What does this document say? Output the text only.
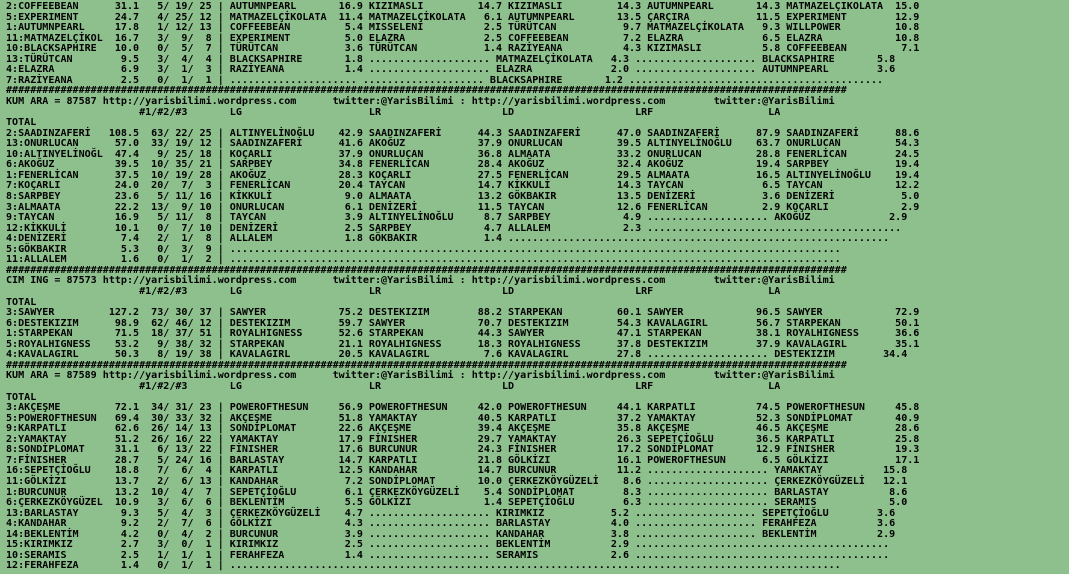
2:COFFEEBEAN      31.1   5/ 19/ 25 | AUTUMNPEARL       16.9 KIZIMASLI         14.7 KIZIMASLI         14.3 AUTUMNPEARL       14.3 MATMAZELÇİKOLATA  15.0
5:EXPERIMENT      24.7   4/ 25/ 12 | MATMAZELÇİKOLATA  11.4 MATMAZELÇİKOLATA   6.1 AUTUMNPEARL       13.5 ÇARÇIRA           11.5 EXPERIMENT        12.9
1:AUTUMNPEARL     17.8   1/ 12/ 13 | COFFEEBEAN         5.4 MISSELENİ          2.5 TÜRÜTCAN           9.7 MATMAZELÇİKOLATA   9.3 WILLPOWER         10.8
11:MATMAZELÇİKOL  16.7   3/  9/  8 | EXPERIMENT         5.0 ELAZRA             2.5 COFFEEBEAN         7.2 ELAZRA             6.5 ELAZRA            10.8
10:BLACKSAPHIRE   10.0   0/  5/  7 | TÜRÜTCAN           3.6 TÜRÜTCAN           1.4 RAZİYEANA          4.3 KIZIMASLI          5.8 COFFEEBEAN         7.1
13:TÜRÜTCAN        9.5   3/  4/  4 | BLACKSAPHIRE       1.8 .................... MATMAZELÇİKOLATA   4.3 .................... BLACKSAPHIRE       5.8
4:ELAZRA           6.9   3/  1/  3 | RAZİYEANA          1.4 .................... ELAZRA             2.0 .................... AUTUMNPEARL        3.6
7:RAZİYEANA        2.5   0/  1/  1 | ..................... .................... BLACKSAPHIRE       1.2 ..........................................
###########################################################################################################################################
KUM ARA = 87587 http://yarisbilimi.wordpress.com      twitter:@YarisBilimi : http://yarisbilimi.wordpress.com        twitter:@YarisBilimi
#1/#2/#3       LG                     LR                    LD                    LRF                   LA
TOTAL
2:SAADINZAFERİ   108.5  63/ 22/ 25 | ALTINYELİNOĞLU    42.9 SAADINZAFERİ      44.3 SAADINZAFERİ      47.0 SAADINZAFERİ      87.9 SAADINZAFERİ      88.6
13:ONURLUCAN      57.0  33/ 19/ 12 | SAADINZAFERİ      41.6 AKOĞUZ            37.9 ONURLUCAN         39.5 ALTINYELİNOĞLU    63.7 ONURLUCAN         54.3
10:ALTINYELİNOĞL  47.4   9/ 25/ 18 | KOÇARLI           37.9 ONURLUCAN         36.8 ALMAATA           33.2 ONURLUCAN         28.8 FENERLİCAN        24.5
6:AKOĞUZ          39.5  10/ 35/ 21 | SARPBEY           34.8 FENERLİCAN        28.4 AKOĞUZ            32.4 AKOĞUZ            19.4 SARPBEY           19.4
1:FENERLİCAN      37.5  10/ 19/ 28 | AKOĞUZ            28.3 KOÇARLI           27.5 FENERLİCAN        29.5 ALMAATA           16.5 ALTINYELİNOĞLU    19.4
7:KOÇARLI         24.0  20/  7/  3 | FENERLİCAN        20.4 TAYCAN            14.7 KİKKULİ           14.3 TAYCAN             6.5 TAYCAN            12.2
8:SARPBEY         23.6   5/ 11/ 16 | KİKKULİ            9.0 ALMAATA           13.2 GÖKBAKIR          13.5 DENİZERİ           3.6 DENİZERİ           5.0
3:ALMAATA         22.2  13/  9/ 10 | ONURLUCAN          6.1 DENİZERİ          11.5 TAYCAN            12.6 FENERLİCAN         2.9 KOÇARLI            2.9
9:TAYCAN          16.9   5/ 11/  8 | TAYCAN             3.9 ALTINYELİNOĞLU     8.7 SARPBEY            4.9 .................... AKOĞUZ             2.9
12:KİKKULİ        10.1   0/  7/ 10 | DENİZERİ           2.5 SARPBEY            4.7 ALLALEM            2.3 ..........................................
4:DENİZERİ         7.4   2/  1/  8 | ALLALEM            1.8 GÖKBAKIR           1.4 ...............................................................
5:GÖKBAKIR         5.3   0/  3/  9 | .....................................................................................................
11:ALLALEM         1.6   0/  1/  2 | .....................................................................................................
###########################################################################################################################################
CIM ING = 87573 http://yarisbilimi.wordpress.com      twitter:@YarisBilimi : http://yarisbilimi.wordpress.com        twitter:@YarisBilimi
#1/#2/#3       LG                     LR                    LD                    LRF                   LA
TOTAL
3:SAWYER         127.2  73/ 30/ 37 | SAWYER            75.2 DESTEKIZIM        88.2 STARPEKAN         60.1 SAWYER            96.5 SAWYER            72.9
6:DESTEKIZIM      98.9  62/ 46/ 12 | DESTEKIZIM        59.7 SAWYER            70.7 DESTEKIZIM        54.3 KAVALAGIRL        56.7 STARPEKAN         50.1
1:STARPEKAN       71.5  18/ 37/ 51 | ROYALHIGNESS      52.6 STARPEKAN         44.3 SAWYER            47.1 STARPEKAN         38.1 ROYALHIGNESS      36.6
5:ROYALHIGNESS    53.2   9/ 38/ 32 | STARPEKAN         21.1 ROYALHIGNESS      18.3 ROYALHIGNESS      37.8 DESTEKIZIM        37.9 KAVALAGIRL        35.1
4:KAVALAGIRL      50.3   8/ 19/ 38 | KAVALAGIRL        20.5 KAVALAGIRL         7.6 KAVALAGIRL        27.8 .................... DESTEKIZIM        34.4
###########################################################################################################################################
KUM ARA = 87589 http://yarisbilimi.wordpress.com      twitter:@YarisBilimi : http://yarisbilimi.wordpress.com        twitter:@YarisBilimi
#1/#2/#3       LG                     LR                    LD                    LRF                   LA
TOTAL
3:AKÇEŞME         72.1  34/ 31/ 23 | POWEROFTHESUN     56.9 POWEROFTHESUN     42.0 POWEROFTHESUN     44.1 KARPATLI          74.5 POWEROFTHESUN     45.8
5:POWEROFTHESUN   69.4  30/ 33/ 32 | AKÇEŞME           51.8 YAMAKTAY          40.5 KARPATLI          37.2 YAMAKTAY          52.3 SONDİPLOMAT       40.9
9:KARPATLI        62.6  26/ 14/ 13 | SONDİPLOMAT       22.6 AKÇEŞME           39.4 AKÇEŞME           35.8 AKÇEŞME           46.5 AKÇEŞME           28.6
2:YAMAKTAY        51.2  26/ 16/ 22 | YAMAKTAY          17.9 FİNISHER          29.7 YAMAKTAY          26.3 SEPETÇİOĞLU       36.5 KARPATLI          25.8
8:SONDİPLOMAT     31.1   6/ 13/ 22 | FİNISHER          17.6 BURCUNUR          24.3 FİNISHER          17.2 SONDİPLOMAT       12.9 FİNISHER          19.3
7:FİNISHER        28.7   5/ 24/ 16 | BARLASTAY         14.7 KARPATLI          21.8 GÖLKİZI           16.1 POWEROFTHESUN      6.5 GÖLKİZI           17.1
16:SEPETÇİOĞLU    18.8   7/  6/  4 | KARPATLI          12.5 KANDAHAR          14.7 BURCUNUR          11.2 .................... YAMAKTAY          15.8
11:GÖLKİZI        13.7   2/  6/ 13 | KANDAHAR           7.2 SONDİPLOMAT       10.0 ÇERKEZKÖYGÜZELİ    8.6 .................... ÇERKEZKÖYGÜZELİ   12.1
1:BURCUNUR        13.2  10/  4/  7 | SEPETÇİOĞLU        6.1 ÇERKEZKÖYGÜZELİ    5.4 SONDİPLOMAT        8.3 .................... BARLASTAY          8.6
6:ÇERKEZKÖYGÜZEL  10.9   3/  6/  6 | BEKLENTİM          5.5 GÖLKİZI            1.4 SEPETÇİOĞLU        6.3 .................... SERAMIS            5.0
13:BARLASTAY       9.3   5/  4/  3 | ÇERKEZKÖYGÜZELİ    4.7 .................... KIRIMKIZ           5.2 .................... SEPETÇİOĞLU        3.6
4:KANDAHAR         9.2   2/  7/  6 | GÖLKİZI            4.3 .................... BARLASTAY          4.0 .................... FERAHFEZA          3.6
14:BEKLENTİM       4.2   0/  4/  2 | BURCUNUR           3.9 .................... KANDAHAR           3.8 .................... BEKLENTİM          2.9
15:KIRIMKIZ        2.7   3/  0/  1 | KIRIMKIZ           2.5 .................... BEKLENTİM          2.9 ..........................................
10:SERAMIS         2.5   1/  1/  1 | FERAHFEZA          1.4 .................... SERAMIS            2.6 ..........................................
12:FERAHFEZA       1.4   0/  1/  1 | .....................................................................................................
